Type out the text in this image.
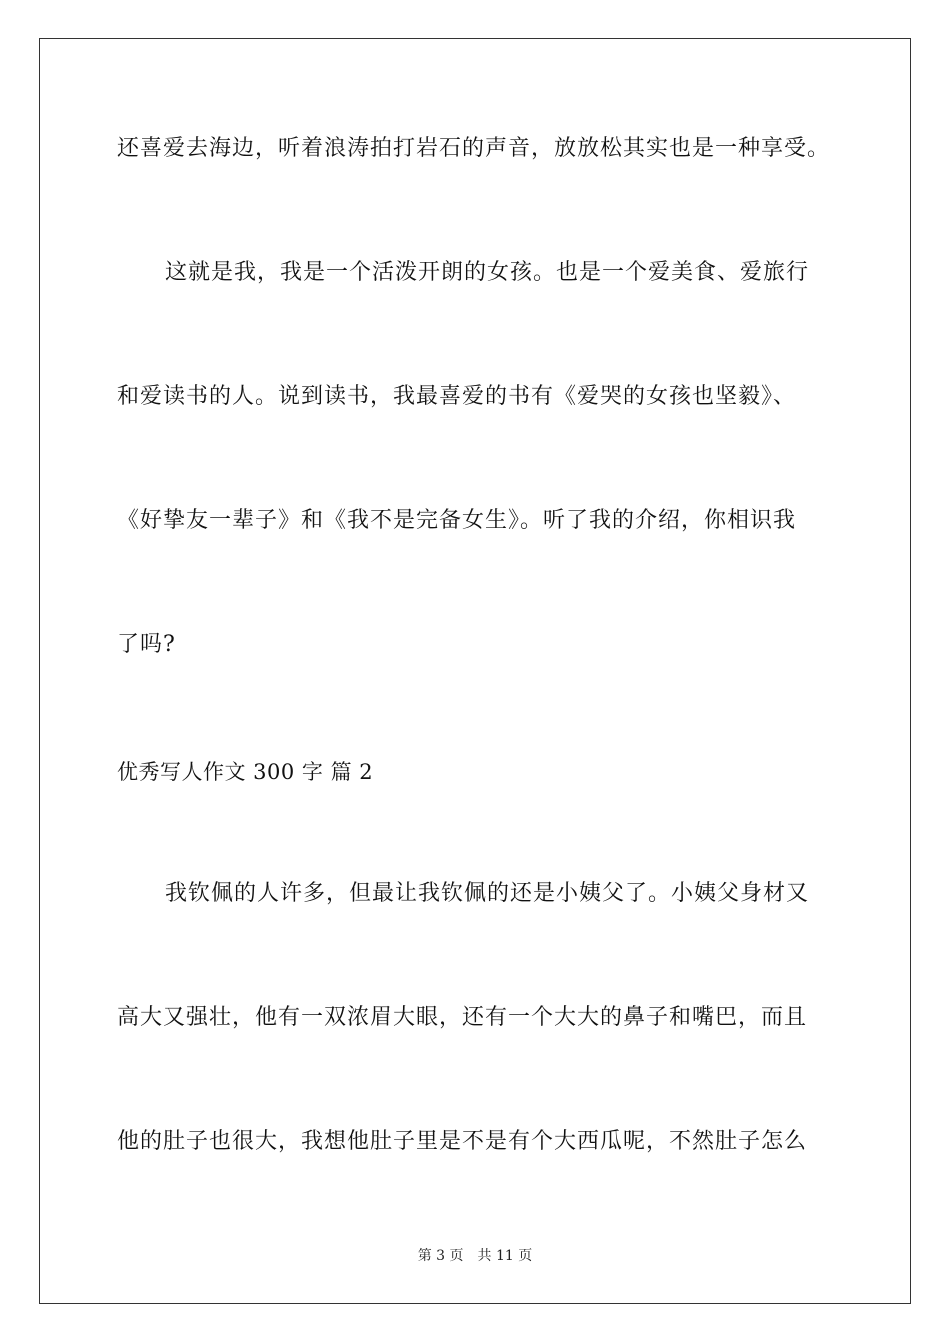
还喜爱去海边，听着浪涛拍打岩石的声音，放放松其实也是一种享受。
这就是我，我是一个活泼开朗的女孩。也是一个爱美食、爱旅行
和爱读书的人。说到读书，我最喜爱的书有《爱哭的女孩也坚毅》、
《好挚友一辈子》和《我不是完备女生》。听了我的介绍，你相识我
了吗?
优秀写人作文 300 字 篇 2
我钦佩的人许多，但最让我钦佩的还是小姨父了。小姨父身材又
高大又强壮，他有一双浓眉大眼，还有一个大大的鼻子和嘴巴，而且
他的肚子也很大，我想他肚子里是不是有个大西瓜呢，不然肚子怎么
第 3 页 共 11 页
